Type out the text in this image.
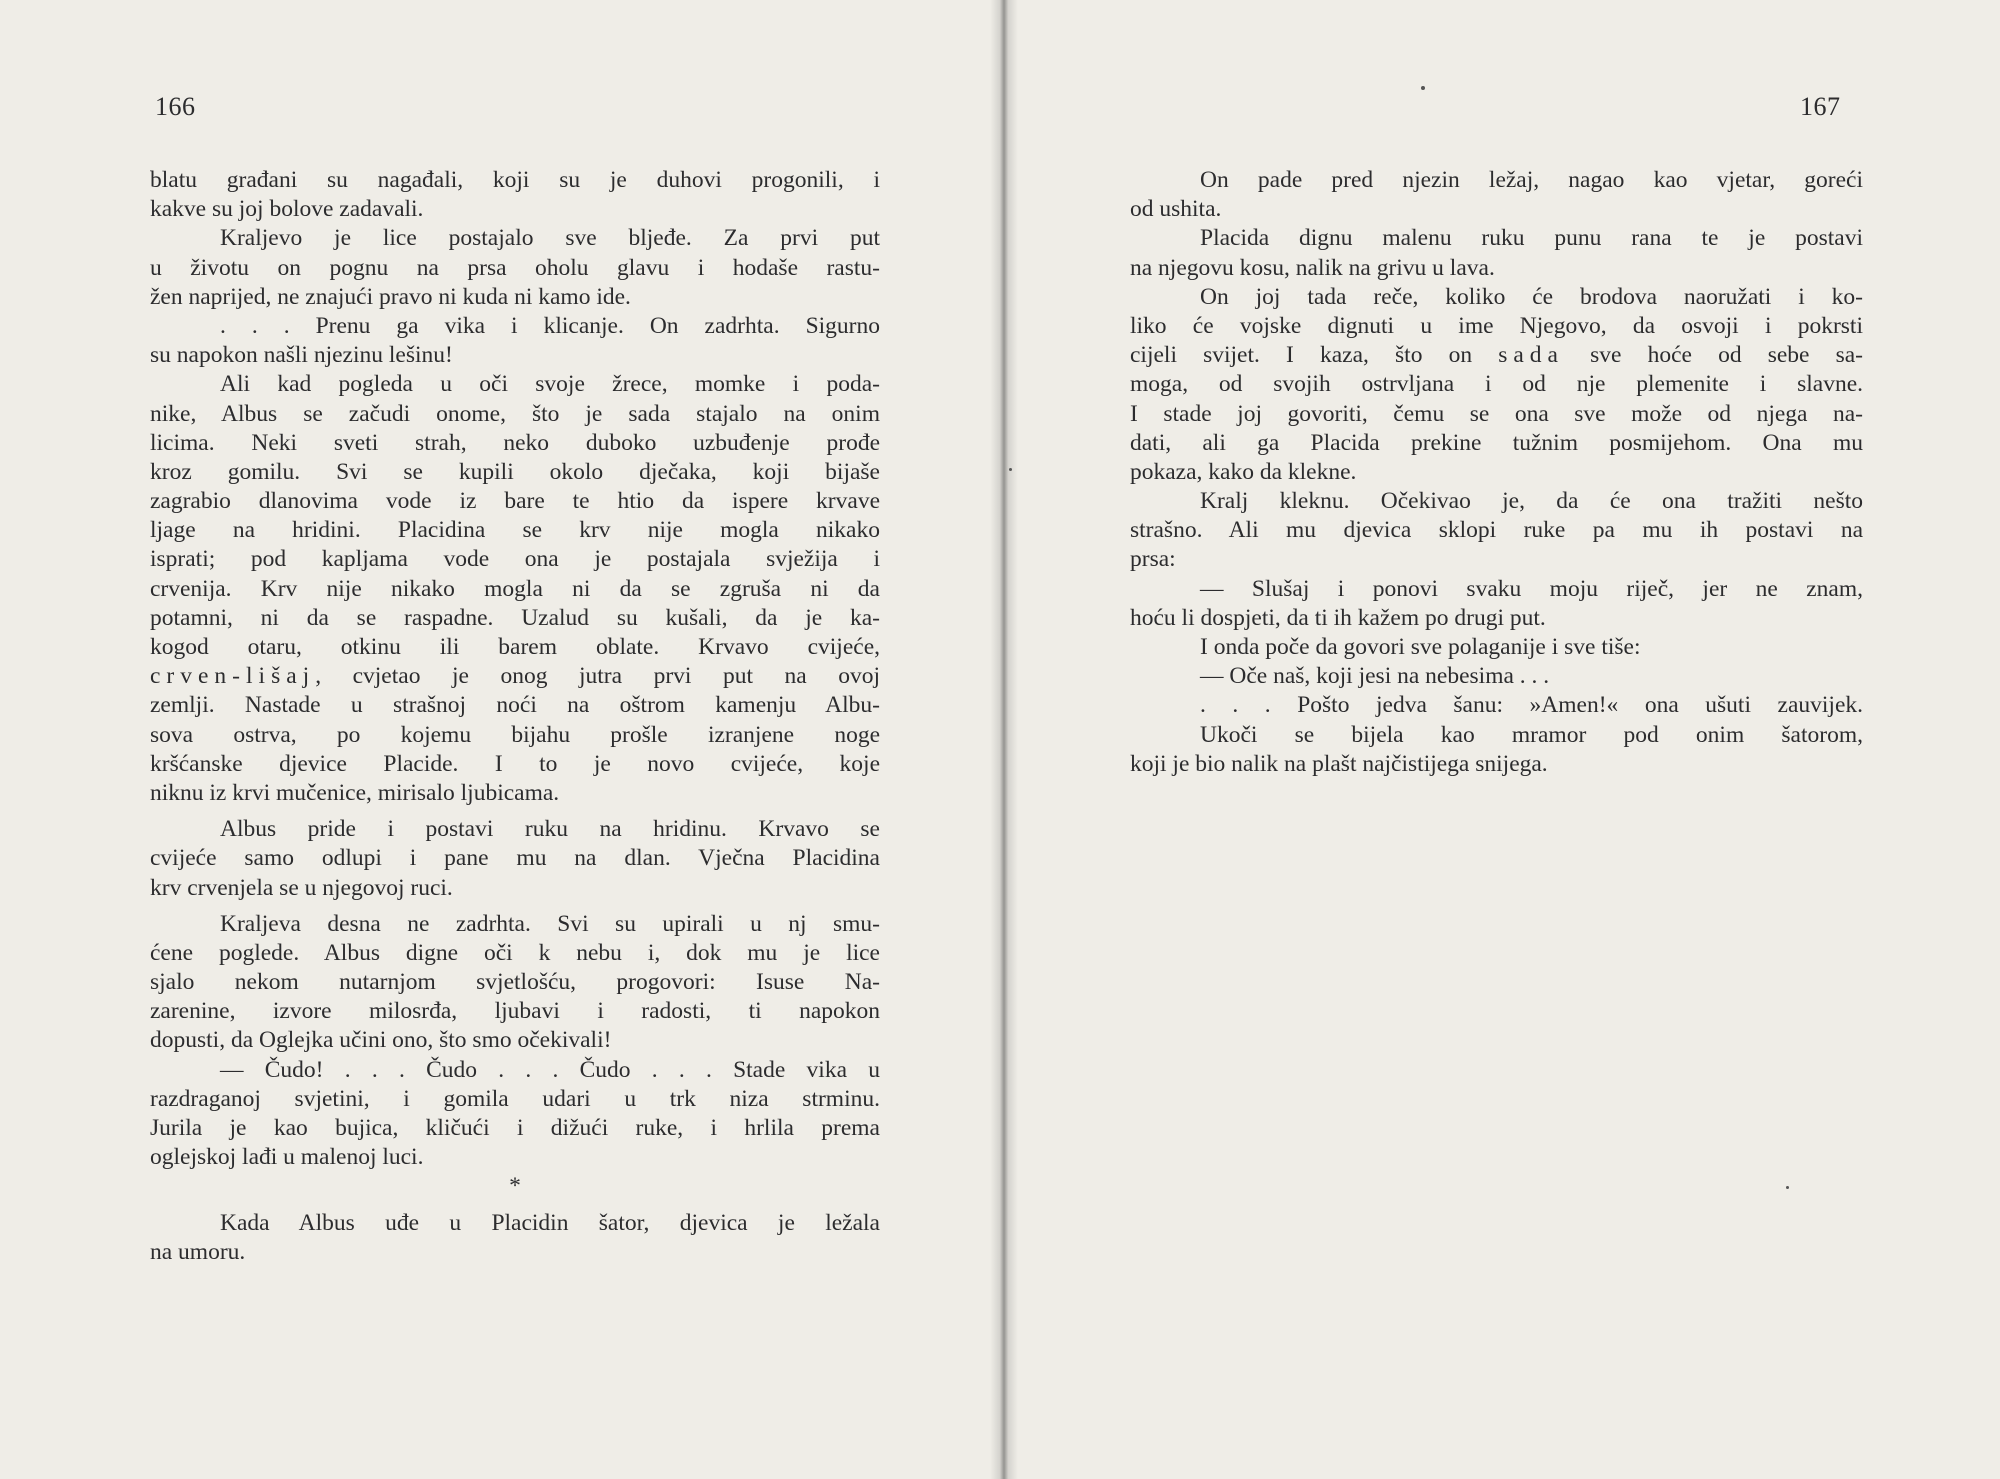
166
blatu građani su nagađali, koji su je duhovi progonili, i
kakve su joj bolove zadavali.
Kraljevo je lice postajalo sve bljeđe. Za prvi put
u životu on pognu na prsa oholu glavu i hodaše rastu-
žen naprijed, ne znajući pravo ni kuda ni kamo ide.
. . . Prenu ga vika i klicanje. On zadrhta. Sigurno
su napokon našli njezinu lešinu!
Ali kad pogleda u oči svoje žrece, momke i poda-
nike, Albus se začudi onome, što je sada stajalo na onim
licima. Neki sveti strah, neko duboko uzbuđenje prođe
kroz gomilu. Svi se kupili okolo dječaka, koji bijaše
zagrabio dlanovima vode iz bare te htio da ispere krvave
ljage na hridini. Placidina se krv nije mogla nikako
isprati; pod kapljama vode ona je postajala svježija i
crvenija. Krv nije nikako mogla ni da se zgruša ni da
potamni, ni da se raspadne. Uzalud su kušali, da je ka-
kogod otaru, otkinu ili barem oblate. Krvavo cvijeće,
crven-lišaj, cvjetao je onog jutra prvi put na ovoj
zemlji. Nastade u strašnoj noći na oštrom kamenju Albu-
sova ostrva, po kojemu bijahu prošle izranjene noge
kršćanske djevice Placide. I to je novo cvijeće, koje
niknu iz krvi mučenice, mirisalo ljubicama.
Albus pride i postavi ruku na hridinu. Krvavo se
cvijeće samo odlupi i pane mu na dlan. Vječna Placidina
krv crvenjela se u njegovoj ruci.
Kraljeva desna ne zadrhta. Svi su upirali u nj smu-
ćene poglede. Albus digne oči k nebu i, dok mu je lice
sjalo nekom nutarnjom svjetlošću, progovori: Isuse Na-
zarenine, izvore milosrđa, ljubavi i radosti, ti napokon
dopusti, da Oglejka učini ono, što smo očekivali!
— Čudo! . . . Čudo . . . Čudo . . . Stade vika u
razdraganoj svjetini, i gomila udari u trk niza strminu.
Jurila je kao bujica, kličući i dižući ruke, i hrlila prema
oglejskoj lađi u malenoj luci.
*
Kada Albus uđe u Placidin šator, djevica je ležala
na umoru.
167
On pade pred njezin ležaj, nagao kao vjetar, goreći
od ushita.
Placida dignu malenu ruku punu rana te je postavi
na njegovu kosu, nalik na grivu u lava.
On joj tada reče, koliko će brodova naoružati i ko-
liko će vojske dignuti u ime Njegovo, da osvoji i pokrsti
cijeli svijet. I kaza, što on sada sve hoće od sebe sa-
moga, od svojih ostrvljana i od nje plemenite i slavne.
I stade joj govoriti, čemu se ona sve može od njega na-
dati, ali ga Placida prekine tužnim posmijehom. Ona mu
pokaza, kako da klekne.
Kralj kleknu. Očekivao je, da će ona tražiti nešto
strašno. Ali mu djevica sklopi ruke pa mu ih postavi na
prsa:
— Slušaj i ponovi svaku moju riječ, jer ne znam,
hoću li dospjeti, da ti ih kažem po drugi put.
I onda poče da govori sve polaganije i sve tiše:
— Oče naš, koji jesi na nebesima . . .
. . . Pošto jedva šanu: »Amen!« ona ušuti zauvijek.
Ukoči se bijela kao mramor pod onim šatorom,
koji je bio nalik na plašt najčistijega snijega.
